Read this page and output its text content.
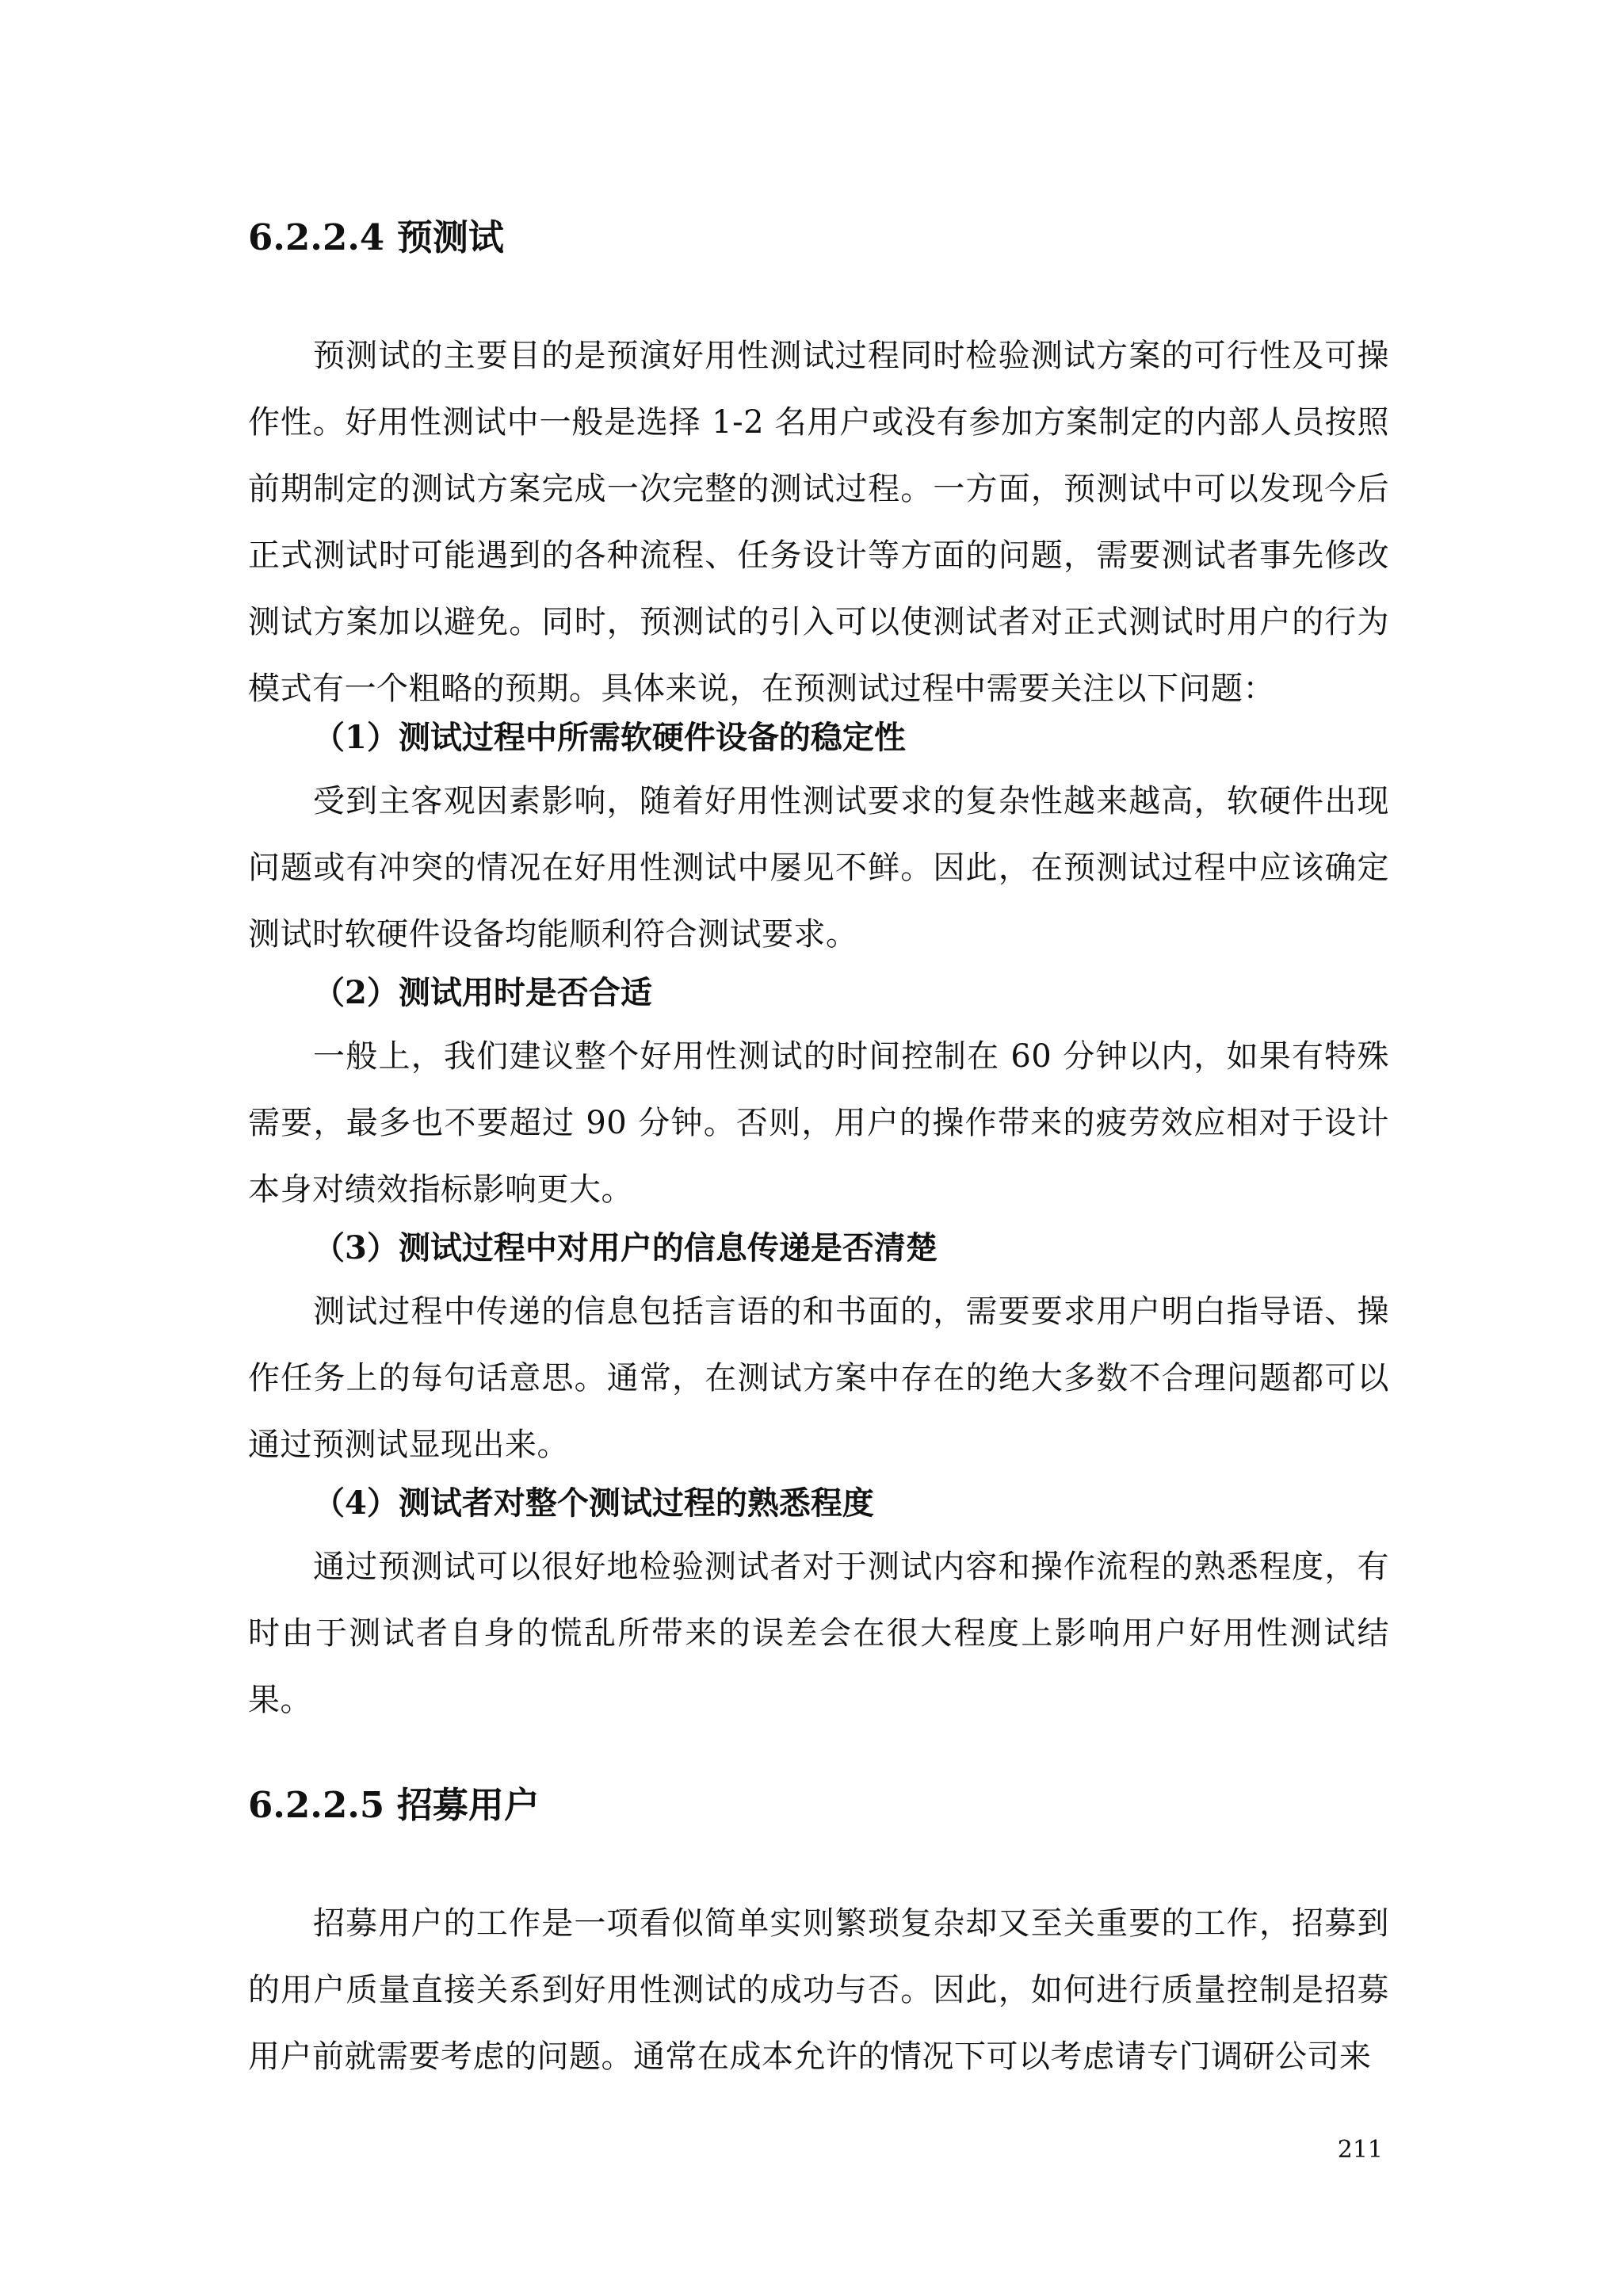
6.2.2.4 预测试

预测试的主要目的是预演好用性测试过程同时检验测试方案的可行性及可操作性。好用性测试中一般是选择 1-2 名用户或没有参加方案制定的内部人员按照前期制定的测试方案完成一次完整的测试过程。一方面，预测试中可以发现今后正式测试时可能遇到的各种流程、任务设计等方面的问题，需要测试者事先修改测试方案加以避免。同时，预测试的引入可以使测试者对正式测试时用户的行为模式有一个粗略的预期。具体来说，在预测试过程中需要关注以下问题：

（1）测试过程中所需软硬件设备的稳定性

受到主客观因素影响，随着好用性测试要求的复杂性越来越高，软硬件出现问题或有冲突的情况在好用性测试中屡见不鲜。因此，在预测试过程中应该确定测试时软硬件设备均能顺利符合测试要求。

（2）测试用时是否合适

一般上，我们建议整个好用性测试的时间控制在 60 分钟以内，如果有特殊需要，最多也不要超过 90 分钟。否则，用户的操作带来的疲劳效应相对于设计本身对绩效指标影响更大。

（3）测试过程中对用户的信息传递是否清楚

测试过程中传递的信息包括言语的和书面的，需要要求用户明白指导语、操作任务上的每句话意思。通常，在测试方案中存在的绝大多数不合理问题都可以通过预测试显现出来。

（4）测试者对整个测试过程的熟悉程度

通过预测试可以很好地检验测试者对于测试内容和操作流程的熟悉程度，有时由于测试者自身的慌乱所带来的误差会在很大程度上影响用户好用性测试结果。

6.2.2.5 招募用户

招募用户的工作是一项看似简单实则繁琐复杂却又至关重要的工作，招募到的用户质量直接关系到好用性测试的成功与否。因此，如何进行质量控制是招募用户前就需要考虑的问题。通常在成本允许的情况下可以考虑请专门调研公司来

211
